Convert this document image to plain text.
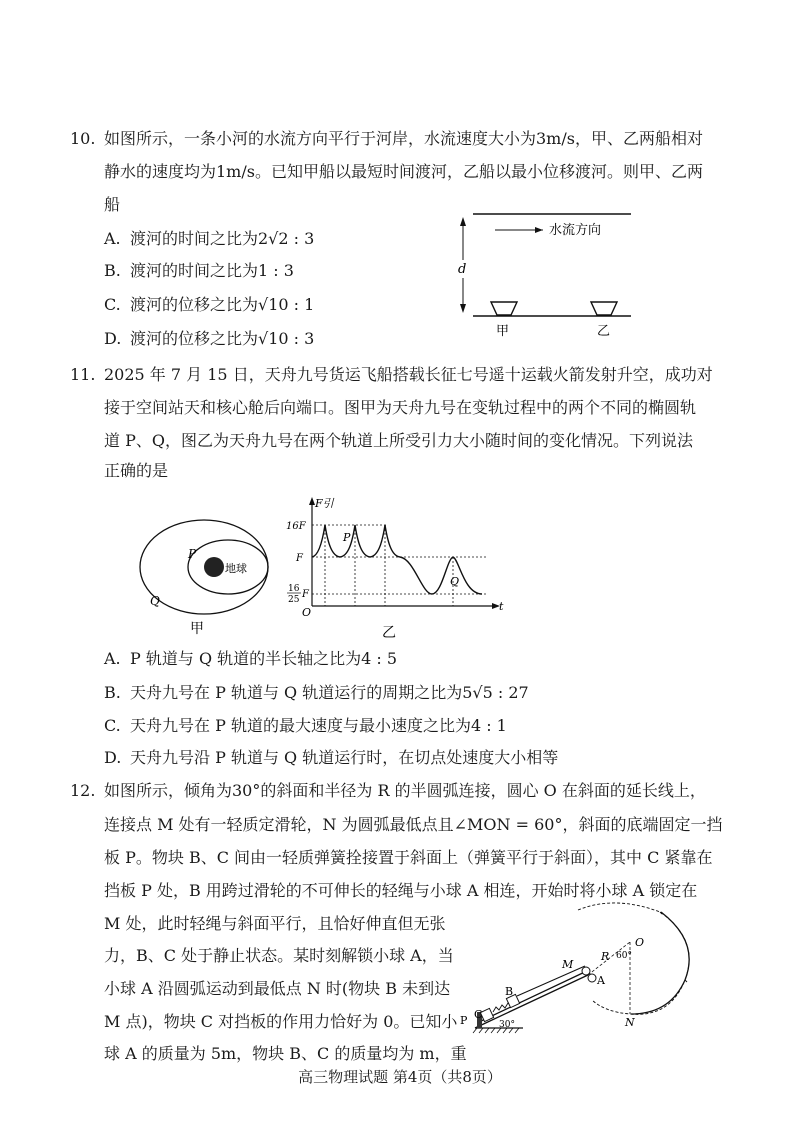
10. 如图所示，一条小河的水流方向平行于河岸，水流速度大小为3m/s，甲、乙两船相对
静水的速度均为1m/s。已知甲船以最短时间渡河，乙船以最小位移渡河。则甲、乙两
船
A. 渡河的时间之比为2√2 : 3
B. 渡河的时间之比为1 : 3
C. 渡河的位移之比为√10 : 1
D. 渡河的位移之比为√10 : 3
水流方向
d
甲	乙
11. 2025 年 7 月 15 日，天舟九号货运飞船搭载长征七号遥十运载火箭发射升空，成功对
接于空间站天和核心舱后向端口。图甲为天舟九号在变轨过程中的两个不同的椭圆轨
道 P、Q，图乙为天舟九号在两个轨道上所受引力大小随时间的变化情况。下列说法
正确的是
地球
P
Q
甲
F引
t
O
16F
F
16
25 F
P
Q
乙
A. P 轨道与 Q 轨道的半长轴之比为4 : 5
B. 天舟九号在 P 轨道与 Q 轨道运行的周期之比为5√5 : 27
C. 天舟九号在 P 轨道的最大速度与最小速度之比为4 : 1
D. 天舟九号沿 P 轨道与 Q 轨道运行时，在切点处速度大小相等
12. 如图所示，倾角为30°的斜面和半径为 R 的半圆弧连接，圆心 O 在斜面的延长线上，
连接点 M 处有一轻质定滑轮，N 为圆弧最低点且∠MON = 60°，斜面的底端固定一挡
板 P。物块 B、C 间由一轻质弹簧拴接置于斜面上（弹簧平行于斜面），其中 C 紧靠在
挡板 P 处，B 用跨过滑轮的不可伸长的轻绳与小球 A 相连，开始时将小球 A 锁定在
M 处，此时轻绳与斜面平行，且恰好伸直但无张
力，B、C 处于静止状态。某时刻解锁小球 A，当
小球 A 沿圆弧运动到最低点 N 时(物块 B 未到达
M 点)，物块 C 对挡板的作用力恰好为 0。已知小
球 A 的质量为 5m，物块 B、C 的质量均为 m，重
P C
B
M
A
R
O
60°
N
30°
高三物理试题 第4页（共8页）
